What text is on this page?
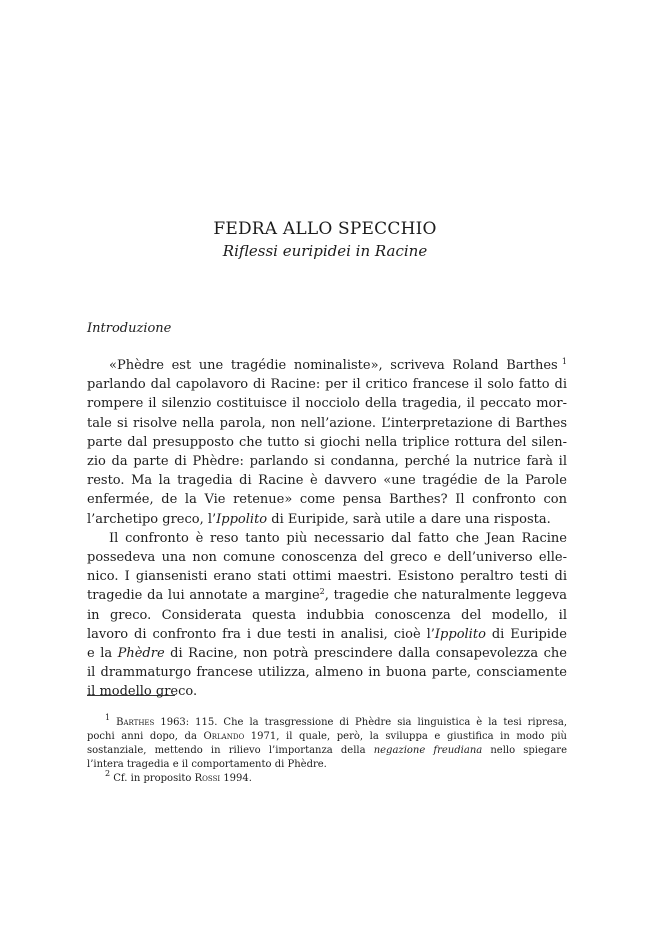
FEDRA ALLO SPECCHIO
Riflessi euripidei in Racine
Introduzione
«Phèdre est une tragédie nominaliste», scriveva Roland Barthes $^1$
parlando dal capolavoro di Racine: per il critico francese il solo fatto di
rompere il silenzio costituisce il nocciolo della tragedia, il peccato mor-
tale si risolve nella parola, non nell’azione. L’interpretazione di Barthes
parte dal presupposto che tutto si giochi nella triplice rottura del silen-
zio da parte di Phèdre: parlando si condanna, perché la nutrice farà il
resto. Ma la tragedia di Racine è davvero «une tragédie de la Parole
enfermée, de la Vie retenue» come pensa Barthes? Il confronto con
l’archetipo greco, l’Ippolito di Euripide, sarà utile a dare una risposta.
Il confronto è reso tanto più necessario dal fatto che Jean Racine
possedeva una non comune conoscenza del greco e dell’universo elle-
nico. I giansenisti erano stati ottimi maestri. Esistono peraltro testi di
tragedie da lui annotate a margine$^2$, tragedie che naturalmente leggeva
in greco. Considerata questa indubbia conoscenza del modello, il
lavoro di confronto fra i due testi in analisi, cioè l’Ippolito di Euripide
e la Phèdre di Racine, non potrà prescindere dalla consapevolezza che
il drammaturgo francese utilizza, almeno in buona parte, consciamente
il modello greco.
$^1$ Barthes 1963: 115. Che la trasgressione di Phèdre sia linguistica è la tesi ripresa,
pochi anni dopo, da Orlando 1971, il quale, però, la sviluppa e giustifica in modo più
sostanziale, mettendo in rilievo l’importanza della negazione freudiana nello spiegare
l’intera tragedia e il comportamento di Phèdre.
$^2$ Cf. in proposito Rossi 1994.
